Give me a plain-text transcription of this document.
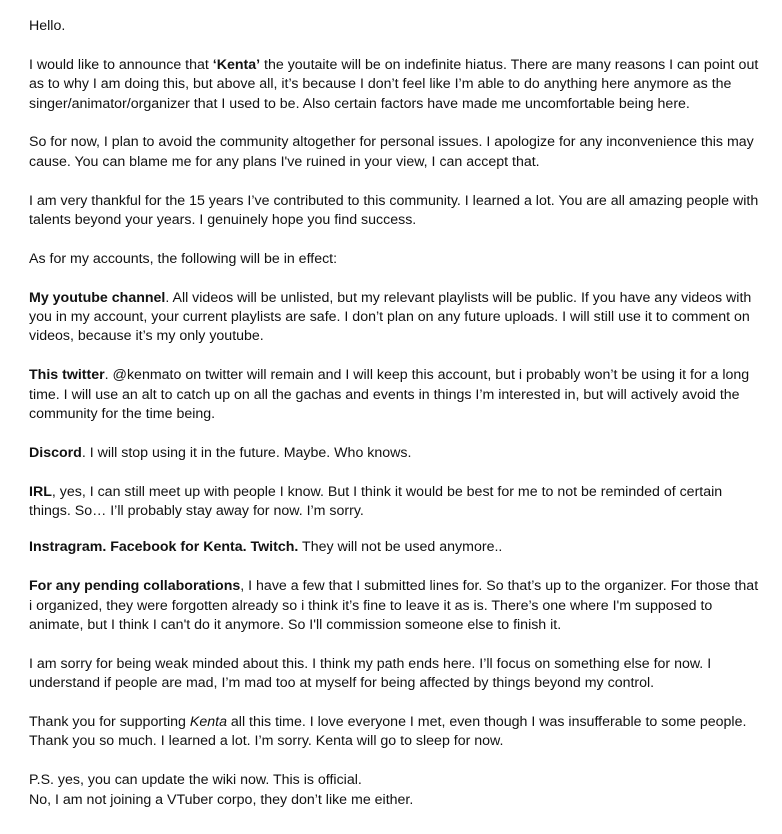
Hello.

I would like to announce that ‘Kenta’ the youtaite will be on indefinite hiatus. There are many reasons I can point out as to why I am doing this, but above all, it’s because I don’t feel like I’m able to do anything here anymore as the singer/animator/organizer that I used to be. Also certain factors have made me uncomfortable being here.

So for now, I plan to avoid the community altogether for personal issues. I apologize for any inconvenience this may cause. You can blame me for any plans I've ruined in your view, I can accept that.

I am very thankful for the 15 years I’ve contributed to this community. I learned a lot. You are all amazing people with talents beyond your years. I genuinely hope you find success.

As for my accounts, the following will be in effect:

My youtube channel. All videos will be unlisted, but my relevant playlists will be public. If you have any videos with you in my account, your current playlists are safe. I don’t plan on any future uploads. I will still use it to comment on videos, because it’s my only youtube.

This twitter. @kenmato on twitter will remain and I will keep this account, but i probably won’t be using it for a long time. I will use an alt to catch up on all the gachas and events in things I’m interested in, but will actively avoid the community for the time being.

Discord. I will stop using it in the future. Maybe. Who knows.

IRL, yes, I can still meet up with people I know. But I think it would be best for me to not be reminded of certain things. So… I’ll probably stay away for now. I’m sorry.

Instragram. Facebook for Kenta. Twitch. They will not be used anymore..

For any pending collaborations, I have a few that I submitted lines for. So that’s up to the organizer. For those that i organized, they were forgotten already so i think it’s fine to leave it as is. There’s one where I'm supposed to animate, but I think I can't do it anymore. So I'll commission someone else to finish it.

I am sorry for being weak minded about this. I think my path ends here. I’ll focus on something else for now. I understand if people are mad, I’m mad too at myself for being affected by things beyond my control.

Thank you for supporting Kenta all this time. I love everyone I met, even though I was insufferable to some people. Thank you so much. I learned a lot. I’m sorry. Kenta will go to sleep for now.

P.S. yes, you can update the wiki now. This is official.
No, I am not joining a VTuber corpo, they don’t like me either.
